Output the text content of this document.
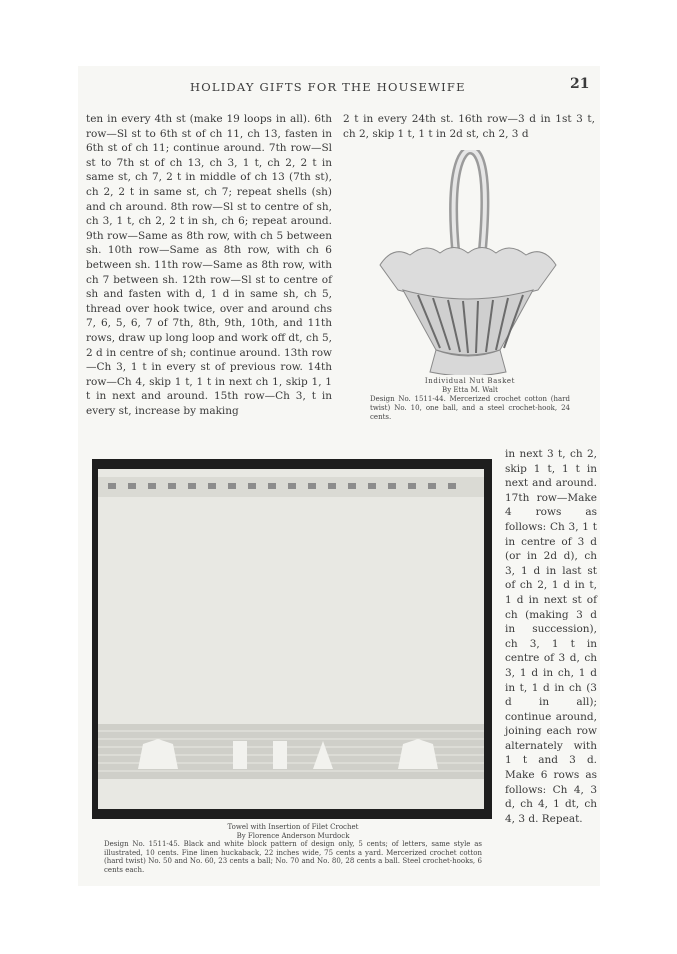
HOLIDAY GIFTS FOR THE HOUSEWIFE	21

ten in every 4th st (make 19 loops in all). 6th row—Sl st to 6th st of ch 11, ch 13, fasten in 6th st of ch 11; continue around. 7th row—Sl st to 7th st of ch 13, ch 3, 1 t, ch 2, 2 t in same st, ch 7, 2 t in middle of ch 13 (7th st), ch 2, 2 t in same st, ch 7; repeat shells (sh) and ch around. 8th row—Sl st to centre of sh, ch 3, 1 t, ch 2, 2 t in sh, ch 6; repeat around. 9th row—Same as 8th row, with ch 5 between sh. 10th row—Same as 8th row, with ch 6 between sh. 11th row—Same as 8th row, with ch 7 between sh. 12th row—Sl st to centre of sh and fasten with d, 1 d in same sh, ch 5, thread over hook twice, over and around chs 7, 6, 5, 6, 7 of 7th, 8th, 9th, 10th, and 11th rows, draw up long loop and work off dt, ch 5, 2 d in centre of sh; continue around. 13th row—Ch 3, 1 t in every st of previous row. 14th row—Ch 4, skip 1 t, 1 t in next ch 1, skip 1, 1 t in next and around. 15th row—Ch 3, t in every st, increase by making

2 t in every 24th st. 16th row—3 d in 1st 3 t, ch 2, skip 1 t, 1 t in 2d st, ch 2, 3 d

Individual Nut Basket
By Etta M. Walt
Design No. 1511-44. Mercerized crochet cotton (hard twist) No. 10, one ball, and a steel crochet-hook, 24 cents.

in next 3 t, ch 2, skip 1 t, 1 t in next and around. 17th row—Make 4 rows as follows: Ch 3, 1 t in centre of 3 d (or in 2d d), ch 3, 1 d in last st of ch 2, 1 d in t, 1 d in next st of ch (making 3 d in succession), ch 3, 1 t in centre of 3 d, ch 3, 1 d in ch, 1 d in t, 1 d in ch (3 d in all); continue around, joining each row alternately with 1 t and 3 d. Make 6 rows as follows: Ch 4, 3 d, ch 4, 1 dt, ch 4, 3 d. Repeat.

Towel with Insertion of Filet Crochet
By Florence Anderson Murdock
Design No. 1511-45. Black and white block pattern of design only, 5 cents; of letters, same style as illustrated, 10 cents. Fine linen huckaback, 22 inches wide, 75 cents a yard. Mercerized crochet cotton (hard twist) No. 50 and No. 60, 23 cents a ball; No. 70 and No. 80, 28 cents a ball. Steel crochet-hooks, 6 cents each.
